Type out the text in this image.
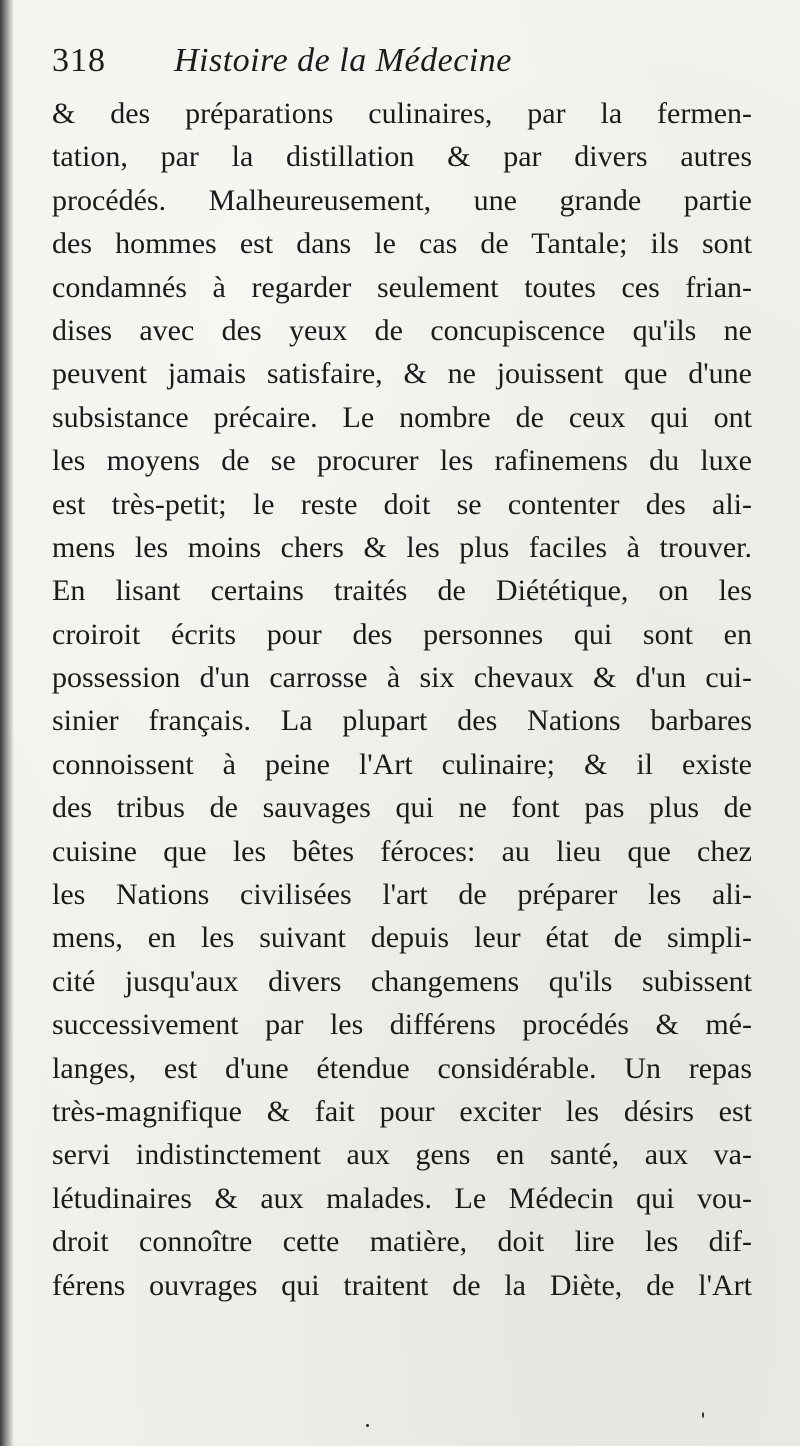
318 Histoire de la Médecine
& des préparations culinaires, par la fermen-
tation, par la distillation & par divers autres
procédés. Malheureusement, une grande partie
des hommes est dans le cas de Tantale; ils sont
condamnés à regarder seulement toutes ces frian-
dises avec des yeux de concupiscence qu'ils ne
peuvent jamais satisfaire, & ne jouissent que d'une
subsistance précaire. Le nombre de ceux qui ont
les moyens de se procurer les rafinemens du luxe
est très-petit; le reste doit se contenter des ali-
mens les moins chers & les plus faciles à trouver.
En lisant certains traités de Diététique, on les
croiroit écrits pour des personnes qui sont en
possession d'un carrosse à six chevaux & d'un cui-
sinier français. La plupart des Nations barbares
connoissent à peine l'Art culinaire; & il existe
des tribus de sauvages qui ne font pas plus de
cuisine que les bêtes féroces: au lieu que chez
les Nations civilisées l'art de préparer les ali-
mens, en les suivant depuis leur état de simpli-
cité jusqu'aux divers changemens qu'ils subissent
successivement par les différens procédés & mé-
langes, est d'une étendue considérable. Un repas
très-magnifique & fait pour exciter les désirs est
servi indistinctement aux gens en santé, aux va-
létudinaires & aux malades. Le Médecin qui vou-
droit connoître cette matière, doit lire les dif-
férens ouvrages qui traitent de la Diète, de l'Art
